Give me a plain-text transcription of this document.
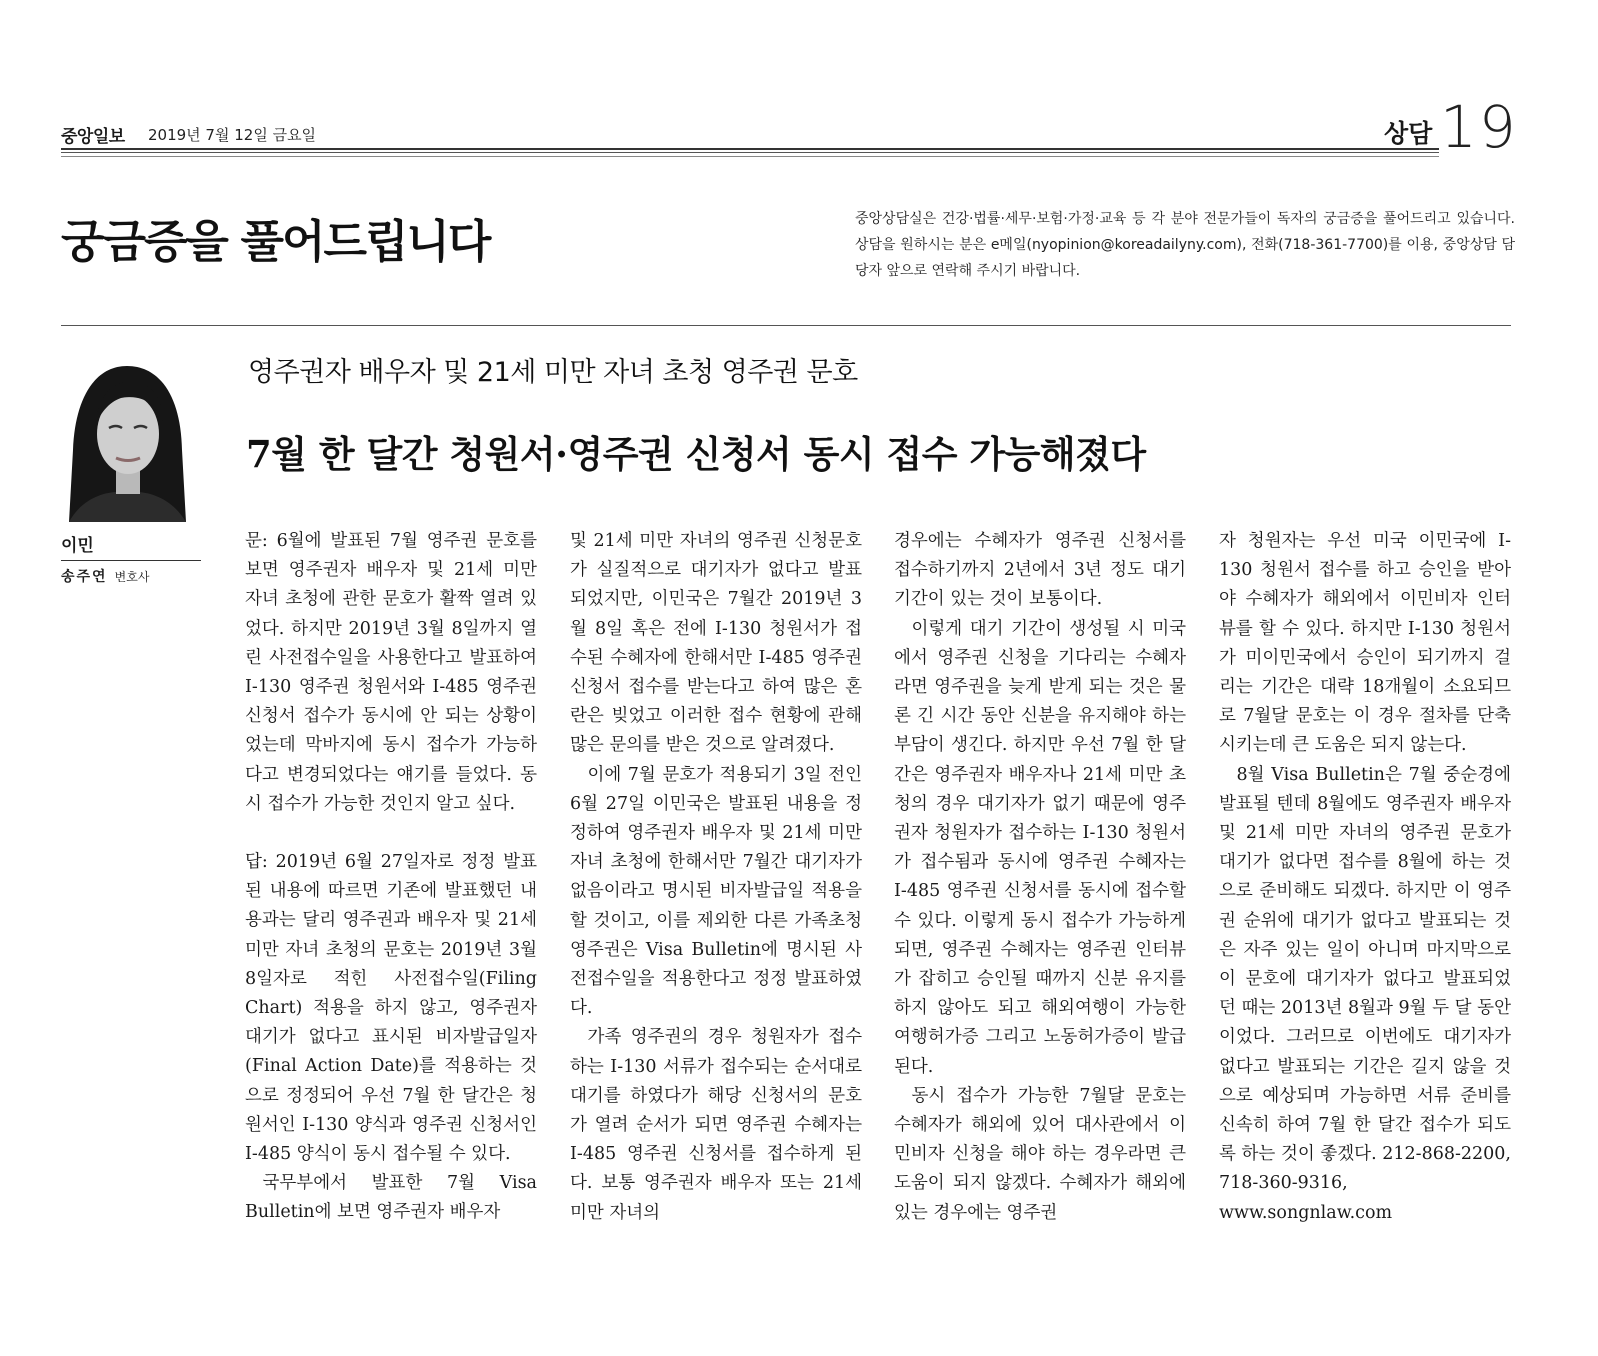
중앙일보 2019년 7월 12일 금요일	상담 19
궁금증을 풀어드립니다	중앙상담실은 건강·법률·세무·보험·가정·교육 등 각 분야 전문가들이 독자의 궁금증을 풀어드리고 있습니다. 상담을 원하시는 분은 e메일(nyopinion@koreadailyny.com), 전화(718-361-7700)를 이용, 중앙상담 담당자 앞으로 연락해 주시기 바랍니다.
이민
송주연 변호사
영주권자 배우자 및 21세 미만 자녀 초청 영주권 문호
7월 한 달간 청원서·영주권 신청서 동시 접수 가능해졌다

문: 6월에 발표된 7월 영주권 문호를 보면 영주권자 배우자 및 21세 미만 자녀 초청에 관한 문호가 활짝 열려 있었다. 하지만 2019년 3월 8일까지 열린 사전접수일을 사용한다고 발표하여 I-130 영주권 청원서와 I-485 영주권 신청서 접수가 동시에 안 되는 상황이었는데 막바지에 동시 접수가 가능하다고 변경되었다는 얘기를 들었다. 동시 접수가 가능한 것인지 알고 싶다.

답: 2019년 6월 27일자로 정정 발표된 내용에 따르면 기존에 발표했던 내용과는 달리 영주권과 배우자 및 21세 미만 자녀 초청의 문호는 2019년 3월 8일자로 적힌 사전접수일(Filing Chart) 적용을 하지 않고, 영주권자 대기가 없다고 표시된 비자발급일자(Final Action Date)를 적용하는 것으로 정정되어 우선 7월 한 달간은 청원서인 I-130 양식과 영주권 신청서인 I-485 양식이 동시 접수될 수 있다.

국무부에서 발표한 7월 Visa Bulletin에 보면 영주권자 배우자

및 21세 미만 자녀의 영주권 신청문호가 실질적으로 대기자가 없다고 발표되었지만, 이민국은 7월간 2019년 3월 8일 혹은 전에 I-130 청원서가 접수된 수혜자에 한해서만 I-485 영주권 신청서 접수를 받는다고 하여 많은 혼란은 빚었고 이러한 접수 현황에 관해 많은 문의를 받은 것으로 알려졌다.

이에 7월 문호가 적용되기 3일 전인 6월 27일 이민국은 발표된 내용을 정정하여 영주권자 배우자 및 21세 미만 자녀 초청에 한해서만 7월간 대기자가 없음이라고 명시된 비자발급일 적용을 할 것이고, 이를 제외한 다른 가족초청 영주권은 Visa Bulletin에 명시된 사전접수일을 적용한다고 정정 발표하였다.

가족 영주권의 경우 청원자가 접수하는 I-130 서류가 접수되는 순서대로 대기를 하였다가 해당 신청서의 문호가 열려 순서가 되면 영주권 수혜자는 I-485 영주권 신청서를 접수하게 된다. 보통 영주권자 배우자 또는 21세 미만 자녀의

경우에는 수혜자가 영주권 신청서를 접수하기까지 2년에서 3년 정도 대기 기간이 있는 것이 보통이다.

이렇게 대기 기간이 생성될 시 미국에서 영주권 신청을 기다리는 수혜자라면 영주권을 늦게 받게 되는 것은 물론 긴 시간 동안 신분을 유지해야 하는 부담이 생긴다. 하지만 우선 7월 한 달간은 영주권자 배우자나 21세 미만 초청의 경우 대기자가 없기 때문에 영주권자 청원자가 접수하는 I-130 청원서가 접수됨과 동시에 영주권 수혜자는 I-485 영주권 신청서를 동시에 접수할 수 있다. 이렇게 동시 접수가 가능하게 되면, 영주권 수혜자는 영주권 인터뷰가 잡히고 승인될 때까지 신분 유지를 하지 않아도 되고 해외여행이 가능한 여행허가증 그리고 노동허가증이 발급된다.

동시 접수가 가능한 7월달 문호는 수혜자가 해외에 있어 대사관에서 이민비자 신청을 해야 하는 경우라면 큰 도움이 되지 않겠다. 수혜자가 해외에 있는 경우에는 영주권

자 청원자는 우선 미국 이민국에 I-130 청원서 접수를 하고 승인을 받아야 수혜자가 해외에서 이민비자 인터뷰를 할 수 있다. 하지만 I-130 청원서가 미이민국에서 승인이 되기까지 걸리는 기간은 대략 18개월이 소요되므로 7월달 문호는 이 경우 절차를 단축시키는데 큰 도움은 되지 않는다.

8월 Visa Bulletin은 7월 중순경에 발표될 텐데 8월에도 영주권자 배우자 및 21세 미만 자녀의 영주권 문호가 대기가 없다면 접수를 8월에 하는 것으로 준비해도 되겠다. 하지만 이 영주권 순위에 대기가 없다고 발표되는 것은 자주 있는 일이 아니며 마지막으로 이 문호에 대기자가 없다고 발표되었던 때는 2013년 8월과 9월 두 달 동안이었다. 그러므로 이번에도 대기자가 없다고 발표되는 기간은 길지 않을 것으로 예상되며 가능하면 서류 준비를 신속히 하여 7월 한 달간 접수가 되도록 하는 것이 좋겠다. 212-868-2200, 718-360-9316, www.songnlaw.com
